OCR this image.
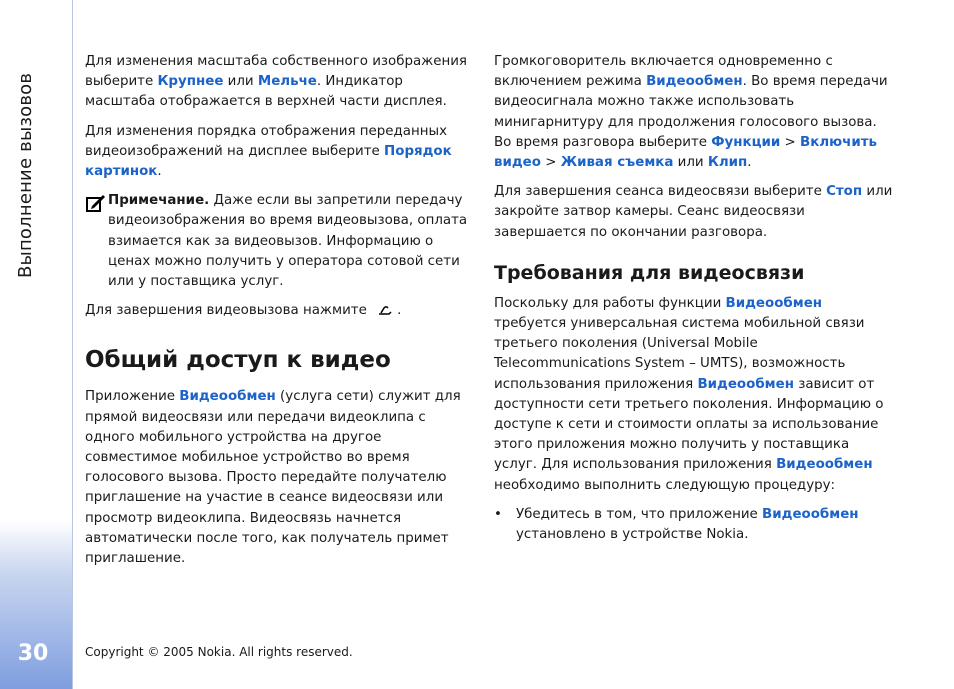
Выполнение вызовов
30

Для изменения масштаба собственного изображения выберите Крупнее или Мельче. Индикатор масштаба отображается в верхней части дисплея.

Для изменения порядка отображения переданных видеоизображений на дисплее выберите Порядок картинок.

Примечание. Даже если вы запретили передачу видеоизображения во время видеовызова, оплата взимается как за видеовызов. Информацию о ценах можно получить у оператора сотовой сети или у поставщика услуг.

Для завершения видеовызова нажмите .

Общий доступ к видео

Приложение Видеообмен (услуга сети) служит для прямой видеосвязи или передачи видеоклипа с одного мобильного устройства на другое совместимое мобильное устройство во время голосового вызова. Просто передайте получателю приглашение на участие в сеансе видеосвязи или просмотр видеоклипа. Видеосвязь начнется автоматически после того, как получатель примет приглашение.

Громкоговоритель включается одновременно с включением режима Видеообмен. Во время передачи видеосигнала можно также использовать минигарнитуру для продолжения голосового вызова. Во время разговора выберите Функции > Включить видео > Живая съемка или Клип.

Для завершения сеанса видеосвязи выберите Стоп или закройте затвор камеры. Сеанс видеосвязи завершается по окончании разговора.

Требования для видеосвязи

Поскольку для работы функции Видеообмен требуется универсальная система мобильной связи третьего поколения (Universal Mobile Telecommunications System – UMTS), возможность использования приложения Видеообмен зависит от доступности сети третьего поколения. Информацию о доступе к сети и стоимости оплаты за использование этого приложения можно получить у поставщика услуг. Для использования приложения Видеообмен необходимо выполнить следующую процедуру:

• Убедитесь в том, что приложение Видеообмен установлено в устройстве Nokia.
Copyright © 2005 Nokia. All rights reserved.
